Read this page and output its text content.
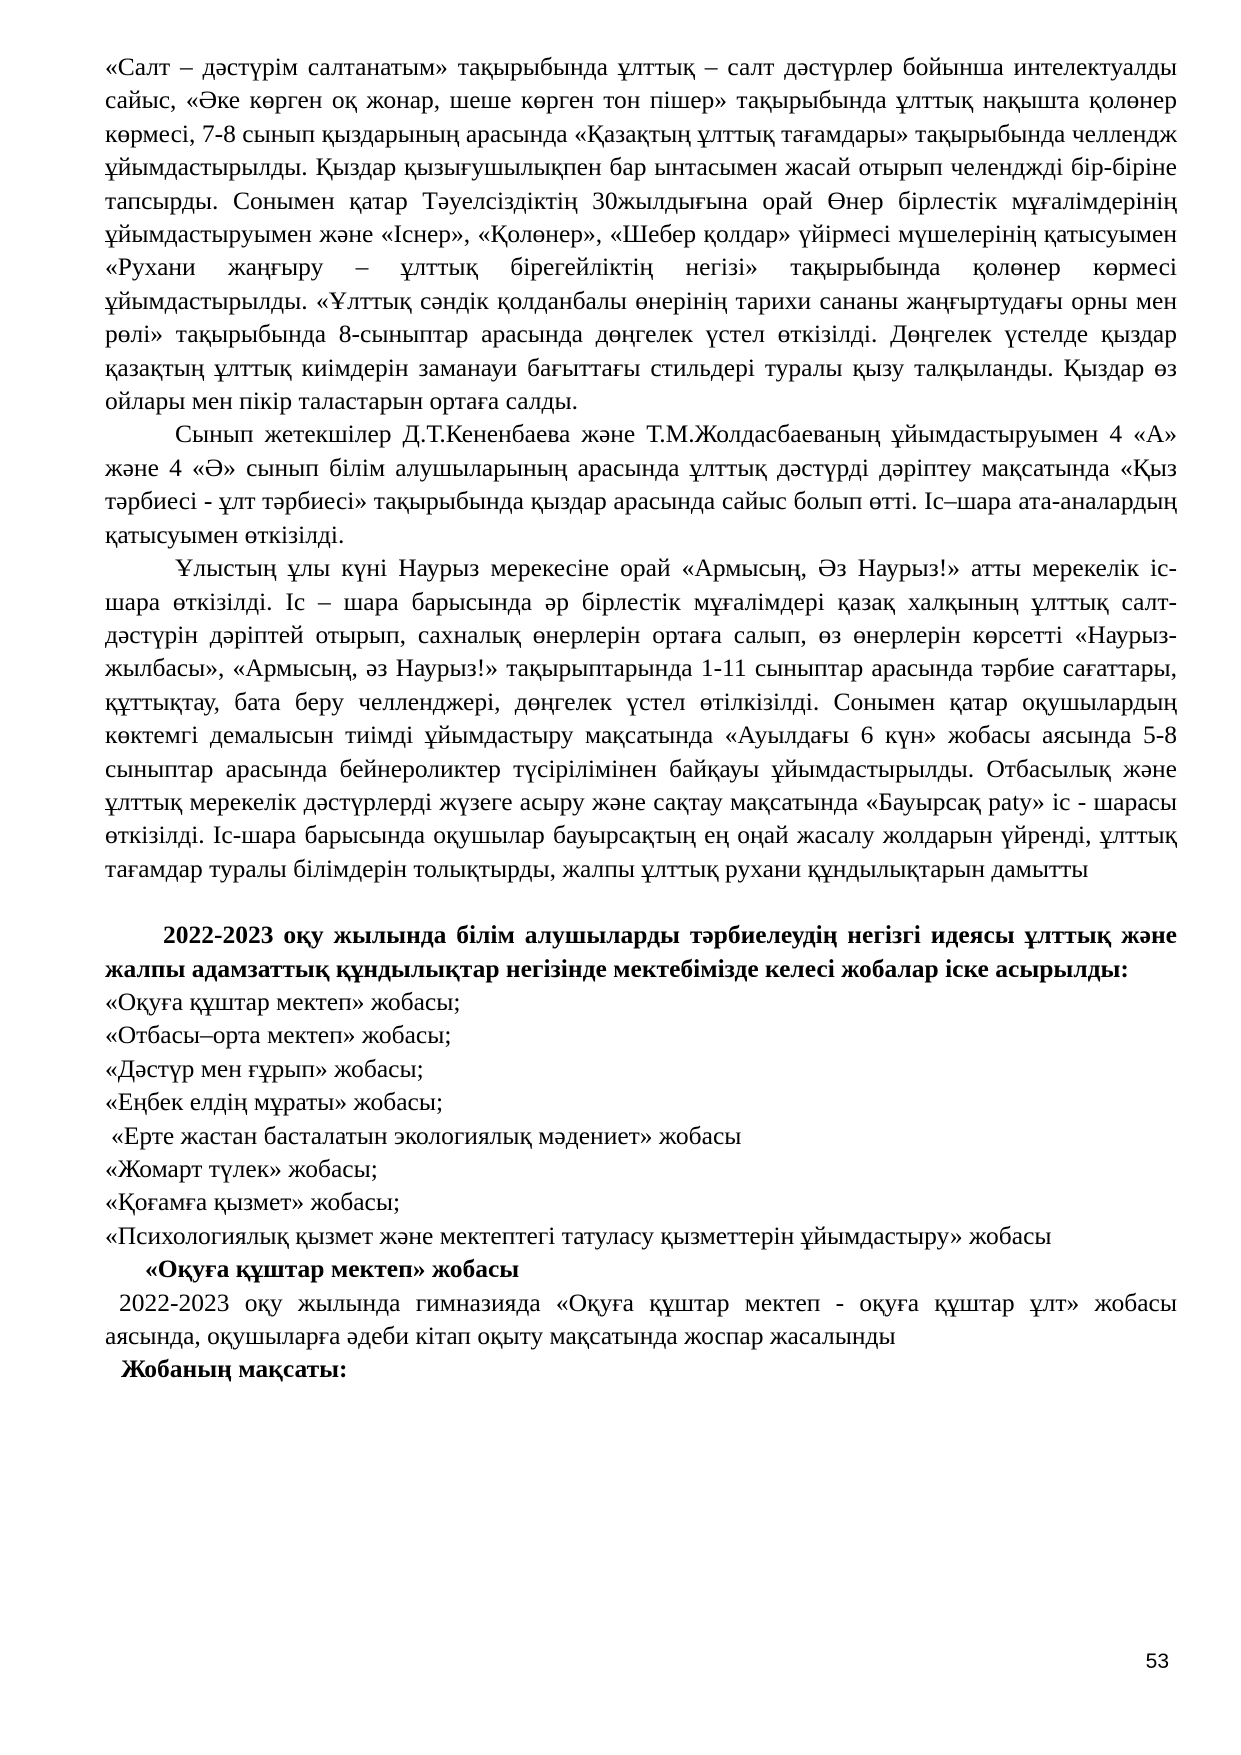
«Салт – дәстүрім салтанатым» тақырыбында ұлттық – салт дәстүрлер бойынша интелектуалды сайыс, «Әке көрген оқ жонар, шеше көрген тон пішер» тақырыбында ұлттық нақышта қолөнер көрмесі, 7-8 сынып қыздарының арасында «Қазақтың ұлттық тағамдары» тақырыбында челлендж ұйымдастырылды. Қыздар қызығушылықпен бар ынтасымен жасай отырып челенджді бір-біріне тапсырды. Сонымен қатар Тәуелсіздіктің 30жылдығына орай Өнер бірлестік мұғалімдерінің ұйымдастыруымен және «Існер», «Қолөнер», «Шебер қолдар» үйірмесі мүшелерінің қатысуымен «Рухани жаңғыру – ұлттық бірегейліктің негізі» тақырыбында қолөнер көрмесі ұйымдастырылды. «Ұлттық сәндік қолданбалы өнерінің тарихи сананы жаңғыртудағы орны мен рөлі» тақырыбында 8-сыныптар арасында дөңгелек үстел өткізілді. Дөңгелек үстелде қыздар қазақтың ұлттық киімдерін заманауи бағыттағы стильдері туралы қызу талқыланды. Қыздар өз ойлары мен пікір таластарын ортаға салды.

Сынып жетекшілер Д.Т.Кененбаева және Т.М.Жолдасбаеваның ұйымдастыруымен 4 «А» және 4 «Ә» сынып білім алушыларының арасында ұлттық дәстүрді дәріптеу мақсатында «Қыз тәрбиесі - ұлт тәрбиесі» тақырыбында қыздар арасында сайыс болып өтті. Іс–шара ата-аналардың қатысуымен өткізілді.

Ұлыстың ұлы күні Наурыз мерекесіне орай «Армысың, Әз Наурыз!» атты мерекелік іс-шара өткізілді. Іс – шара барысында әр бірлестік мұғалімдері қазақ халқының ұлттық салт-дәстүрін дәріптей отырып, сахналық өнерлерін ортаға салып, өз өнерлерін көрсетті «Наурыз-жылбасы», «Армысың, әз Наурыз!» тақырыптарында 1-11 сыныптар арасында тәрбие сағаттары, құттықтау, бата беру челленджері, дөңгелек үстел өтілкізілді. Сонымен қатар оқушылардың көктемгі демалысын тиімді ұйымдастыру мақсатында «Ауылдағы 6 күн» жобасы аясында 5-8 сыныптар арасында бейнероликтер түсірілімінен байқауы ұйымдастырылды. Отбасылық және ұлттық мерекелік дәстүрлерді жүзеге асыру және сақтау мақсатында «Бауырсақ раty» іс - шарасы өткізілді. Іс-шара барысында оқушылар бауырсақтың ең оңай жасалу жолдарын үйренді, ұлттық тағамдар туралы білімдерін толықтырды, жалпы ұлттық рухани құндылықтарын дамытты

2022-2023 оқу жылында білім алушыларды тәрбиелеудің негізгі идеясы ұлттық және жалпы адамзаттық құндылықтар негізінде мектебімізде келесі жобалар іске асырылды:

«Оқуға құштар мектеп» жобасы;

«Отбасы–орта мектеп» жобасы;

«Дәстүр мен ғұрып» жобасы;

«Еңбек елдің мұраты» жобасы;

«Ерте жастан басталатын экологиялық мәдениет» жобасы

«Жомарт түлек» жобасы;

«Қоғамға қызмет» жобасы;

«Психологиялық қызмет және мектептегі татуласу қызметтерін ұйымдастыру» жобасы

«Оқуға құштар мектеп» жобасы

2022-2023 оқу жылында гимназияда «Оқуға құштар мектеп - оқуға құштар ұлт» жобасы аясында, оқушыларға әдеби кітап оқыту мақсатында жоспар жасалынды

Жобаның мақсаты:

53
